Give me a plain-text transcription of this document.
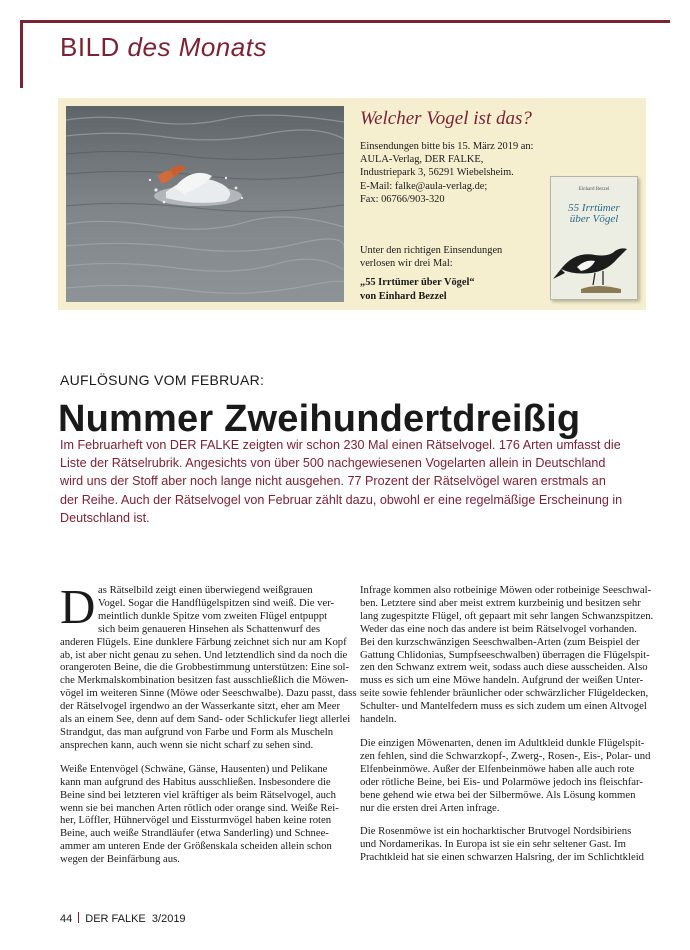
BILD des Monats
Welcher Vogel ist das?
Einsendungen bitte bis 15. März 2019 an:
AULA-Verlag, DER FALKE,
Industriepark 3, 56291 Wiebelsheim.
E-Mail: falke@aula-verlag.de;
Fax: 06766/903-320
Unter den richtigen Einsendungen
verlosen wir drei Mal:
„55 Irrtümer über Vögel“
von Einhard Bezzel
Einhard Bezzel
55 Irrtümer
über Vögel
AUFLÖSUNG VOM FEBRUAR:
Nummer Zweihundertdreißig
Im Februarheft von DER FALKE zeigten wir schon 230 Mal einen Rätselvogel. 176 Arten umfasst die
Liste der Rätselrubrik. Angesichts von über 500 nachgewiesenen Vogelarten allein in Deutschland
wird uns der Stoff aber noch lange nicht ausgehen. 77 Prozent der Rätselvögel waren erstmals an
der Reihe. Auch der Rätselvogel von Februar zählt dazu, obwohl er eine regelmäßige Erscheinung in
Deutschland ist.
D as Rätselbild zeigt einen überwiegend weißgrauen
Vogel. Sogar die Handflügelspitzen sind weiß. Die ver-
meintlich dunkle Spitze vom zweiten Flügel entpuppt
sich beim genaueren Hinsehen als Schattenwurf des
anderen Flügels. Eine dunklere Färbung zeichnet sich nur am Kopf
ab, ist aber nicht genau zu sehen. Und letztendlich sind da noch die
orangeroten Beine, die die Grobbestimmung unterstützen: Eine sol-
che Merkmalskombination besitzen fast ausschließlich die Möwen-
vögel im weiteren Sinne (Möwe oder Seeschwalbe). Dazu passt, dass
der Rätselvogel irgendwo an der Wasserkante sitzt, eher am Meer
als an einem See, denn auf dem Sand- oder Schlickufer liegt allerlei
Strandgut, das man aufgrund von Farbe und Form als Muscheln
ansprechen kann, auch wenn sie nicht scharf zu sehen sind.
Weiße Entenvögel (Schwäne, Gänse, Hausenten) und Pelikane
kann man aufgrund des Habitus ausschließen. Insbesondere die
Beine sind bei letzteren viel kräftiger als beim Rätselvogel, auch
wenn sie bei manchen Arten rötlich oder orange sind. Weiße Rei-
her, Löffler, Hühnervögel und Eissturmvögel haben keine roten
Beine, auch weiße Strandläufer (etwa Sanderling) und Schnee-
ammer am unteren Ende der Größenskala scheiden allein schon
wegen der Beinfärbung aus.
Infrage kommen also rotbeinige Möwen oder rotbeinige Seeschwal-
ben. Letztere sind aber meist extrem kurzbeinig und besitzen sehr
lang zugespitzte Flügel, oft gepaart mit sehr langen Schwanzspitzen.
Weder das eine noch das andere ist beim Rätselvogel vorhanden.
Bei den kurzschwänzigen Seeschwalben-Arten (zum Beispiel der
Gattung Chlidonias, Sumpfseeschwalben) überragen die Flügelspit-
zen den Schwanz extrem weit, sodass auch diese ausscheiden. Also
muss es sich um eine Möwe handeln. Aufgrund der weißen Unter-
seite sowie fehlender bräunlicher oder schwärzlicher Flügeldecken,
Schulter- und Mantelfedern muss es sich zudem um einen Altvogel
handeln.
Die einzigen Möwenarten, denen im Adultkleid dunkle Flügelspit-
zen fehlen, sind die Schwarzkopf-, Zwerg-, Rosen-, Eis-, Polar- und
Elfenbeinmöwe. Außer der Elfenbeinmöwe haben alle auch rote
oder rötliche Beine, bei Eis- und Polarmöwe jedoch ins fleischfar-
bene gehend wie etwa bei der Silbermöwe. Als Lösung kommen
nur die ersten drei Arten infrage.
Die Rosenmöwe ist ein hocharktischer Brutvogel Nordsibiriens
und Nordamerikas. In Europa ist sie ein sehr seltener Gast. Im
Prachtkleid hat sie einen schwarzen Halsring, der im Schlichtkleid
44 DER FALKE 3/2019
